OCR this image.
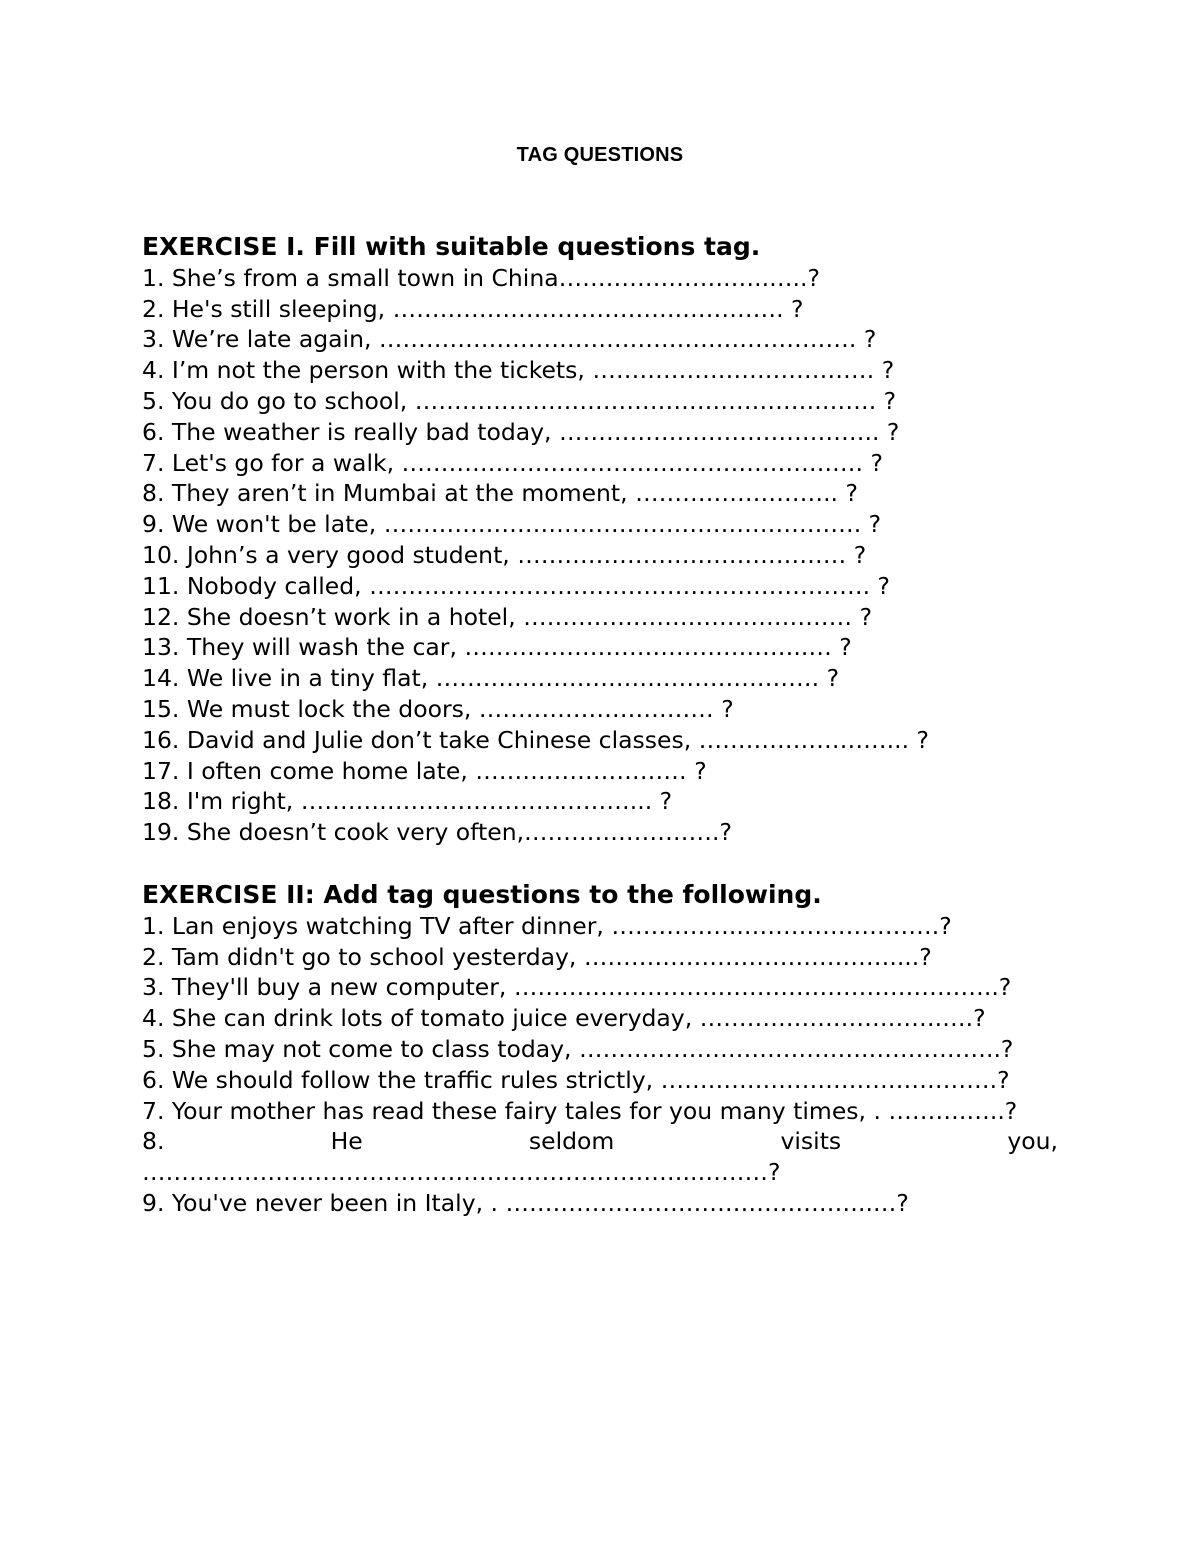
TAG QUESTIONS
EXERCISE I. Fill with suitable questions tag.

1. She’s from a small town in China………………….…..…..?

2. He's still sleeping, ……………………………….…………. ?

3. We’re late again, ……………………………………………………. ?

4. I’m not the person with the tickets, ……………………………… ?

5. You do go to school, …………………………………………….……. ?

6. The weather is really bad today, ………………………………….. ?

7. Let's go for a walk, ……………………………………………….…. ?

8. They aren’t in Mumbai at the moment, …………………….. ?

9. We won't be late, ……………………………………………………. ?

10. John’s a very good student, …………………………………… ?

11. Nobody called, ………………………………………………………. ?

12. She doesn’t work in a hotel, …………………………………… ?

13. They will wash the car, ……………………………………..… ?

14. We live in a tiny flat, …………………………………………. ?

15. We must lock the doors, ………………………… ?

16. David and Julie don’t take Chinese classes, ……………………... ?

17. I often come home late, ……………………… ?

18. I'm right, ……………………………………... ?

19. She doesn’t cook very often,…………………….?

EXERCISE II: Add tag questions to the following.

1. Lan enjoys watching TV after dinner, ……………..…………………….?

2. Tam didn't go to school yesterday, …………………………………....?

3. They'll buy a new computer, ……………………………………………………..?

4. She can drink lots of tomato juice everyday, ………………………….….?

5. She may not come to class today, ……………………………….……………..?

6. We should follow the traffic rules strictly, …………………………………….?

7. Your mother has read these fairy tales for you many times, . ……….…..?

8. He seldom visits you, ……………………………………………………………..………?

9. You've never been in Italy, . ………………………………………..…?
